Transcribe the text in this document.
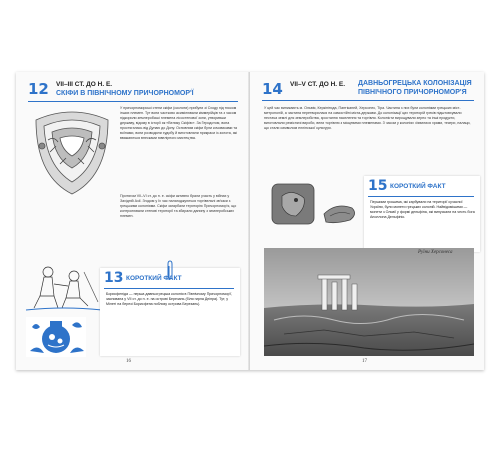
12 VII–III СТ. ДО Н. Е.
СКІФИ В ПІВНІЧНОМУ ПРИЧОРНОМОР'Ї
У причорноморські степи скіфи (сколоти) прибули зі Сходу під тиском інших племен. Тут вони частково асимілювали кіммерійців та з часом підкорили землеробські племена лісостепової зони, утворивши державу, відому в історії як «Велику Скіфію». За Геродотом, вона простягалась від Дунаю до Дону. Основним скіфи були кочовиками та воїнами, вони розводили худобу й виготовляли прикраси із золота, які вважаються внесками ювелірного мистецтва.
Протягом VII–VI ст. до н. е. скіфи активно брали участь у війнах у Західній Азії. Згодом у їх час налагоджуються торгівельні зв'язки з грецькими колоніями. Скіфи загарбали територію Причорномор'я, що контролювали степові території та збирали данину з землеробських племен.
13 КОРОТКИЙ ФАКТ
Борисфеніда — перша давньогрецька колонія в Північному Причорномор'ї, заснована у VII ст. до н. е. на острові Березань (біля гирла Дніпра). Тут, у Мілеті на березі Борисфена поблизу острова Березань).
16
14 VII–V СТ. ДО Н. Е. ДАВНЬОГРЕЦЬКА КОЛОНІЗАЦІЯ
ПІВНІЧНОГО ПРИЧОРНОМОР'Я
У цей час виникають м. Ольвія, Керкінітида, Пантікапей, Херсонес, Тіра. Частина з них були колоніями грецьких міст-метрополій, а частина перетворилася на самостійні міста-держави. До колонізації цих територій греків підштовхували нестача землі для землеробства, зростання населення та торгівля. Колоністи вирощували зерно та інші продукти, виготовляли ремісничі вироби, вели торгівлю з місцевими племенами. З часом у колоніях з'явилися храми, театри, палаци, що стали символом еллінської культури.
15 КОРОТКИЙ ФАКТ
Першими грошима, які карбували на території сучасної України, були монети грецьких колоній. Найвідомішими — монети з Ольвії у формі дельфіна, які випускали на честь бога Аполлона Дельфініо.
Руїни Херсонеса
17
